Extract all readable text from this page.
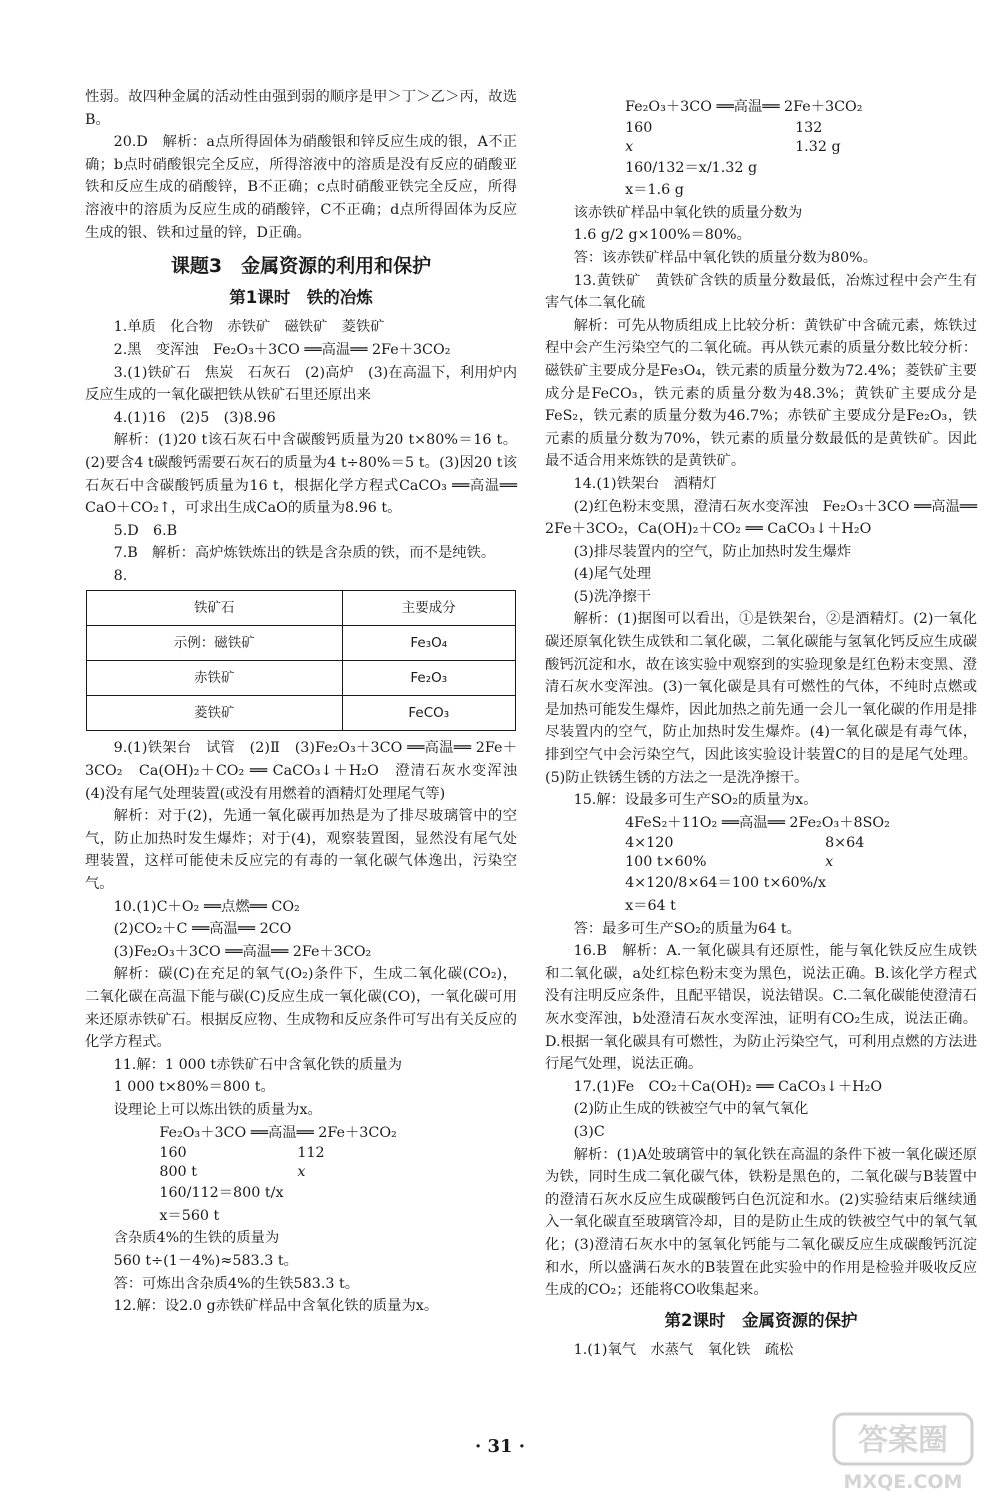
性弱。故四种金属的活动性由强到弱的顺序是甲＞丁＞乙＞丙，故选B。

20.D　解析：a点所得固体为硝酸银和锌反应生成的银，A不正确；b点时硝酸银完全反应，所得溶液中的溶质是没有反应的硝酸亚铁和反应生成的硝酸锌，B不正确；c点时硝酸亚铁完全反应，所得溶液中的溶质为反应生成的硝酸锌，C不正确；d点所得固体为反应生成的银、铁和过量的锌，D正确。

课题3　金属资源的利用和保护
第1课时　铁的冶炼

1.单质　化合物　赤铁矿　磁铁矿　菱铁矿

2.黑　变浑浊　Fe₂O₃＋3CO ══高温══ 2Fe＋3CO₂

3.(1)铁矿石　焦炭　石灰石　(2)高炉　(3)在高温下，利用炉内反应生成的一氧化碳把铁从铁矿石里还原出来

4.(1)16　(2)5　(3)8.96

解析：(1)20 t该石灰石中含碳酸钙质量为20 t×80%＝16 t。(2)要含4 t碳酸钙需要石灰石的质量为4 t÷80%＝5 t。(3)因20 t该石灰石中含碳酸钙质量为16 t，根据化学方程式CaCO₃ ══高温══ CaO＋CO₂↑，可求出生成CaO的质量为8.96 t。

5.D　6.B

7.B　解析：高炉炼铁炼出的铁是含杂质的铁，而不是纯铁。

8.

铁矿石	主要成分
示例：磁铁矿	Fe₃O₄
赤铁矿	Fe₂O₃
菱铁矿	FeCO₃

9.(1)铁架台　试管　(2)Ⅱ　(3)Fe₂O₃＋3CO ══高温══ 2Fe＋3CO₂　Ca(OH)₂＋CO₂ ══ CaCO₃↓＋H₂O　澄清石灰水变浑浊　(4)没有尾气处理装置(或没有用燃着的酒精灯处理尾气等)

解析：对于(2)，先通一氧化碳再加热是为了排尽玻璃管中的空气，防止加热时发生爆炸；对于(4)，观察装置图，显然没有尾气处理装置，这样可能使未反应完的有毒的一氧化碳气体逸出，污染空气。

10.(1)C＋O₂ ══点燃══ CO₂

(2)CO₂＋C ══高温══ 2CO

(3)Fe₂O₃＋3CO ══高温══ 2Fe＋3CO₂

解析：碳(C)在充足的氧气(O₂)条件下，生成二氧化碳(CO₂)，二氧化碳在高温下能与碳(C)反应生成一氧化碳(CO)，一氧化碳可用来还原赤铁矿石。根据反应物、生成物和反应条件可写出有关反应的化学方程式。

11.解：1 000 t赤铁矿石中含氧化铁的质量为

1 000 t×80%＝800 t。

设理论上可以炼出铁的质量为x。

Fe₂O₃＋3CO ══高温══ 2Fe＋3CO₂

160	112
800 t	x

160/112＝800 t/x

x＝560 t

含杂质4%的生铁的质量为

560 t÷(1－4%)≈583.3 t。

答：可炼出含杂质4%的生铁583.3 t。

12.解：设2.0 g赤铁矿样品中含氧化铁的质量为x。

Fe₂O₃＋3CO ══高温══ 2Fe＋3CO₂

160	132
x	1.32 g

160/132＝x/1.32 g

x＝1.6 g

该赤铁矿样品中氧化铁的质量分数为

1.6 g/2 g×100%＝80%。

答：该赤铁矿样品中氧化铁的质量分数为80%。

13.黄铁矿　黄铁矿含铁的质量分数最低，冶炼过程中会产生有害气体二氧化硫

解析：可先从物质组成上比较分析：黄铁矿中含硫元素，炼铁过程中会产生污染空气的二氧化硫。再从铁元素的质量分数比较分析：磁铁矿主要成分是Fe₃O₄，铁元素的质量分数为72.4%；菱铁矿主要成分是FeCO₃，铁元素的质量分数为48.3%；黄铁矿主要成分是FeS₂，铁元素的质量分数为46.7%；赤铁矿主要成分是Fe₂O₃，铁元素的质量分数为70%，铁元素的质量分数最低的是黄铁矿。因此最不适合用来炼铁的是黄铁矿。

14.(1)铁架台　酒精灯

(2)红色粉末变黑，澄清石灰水变浑浊　Fe₂O₃＋3CO ══高温══ 2Fe＋3CO₂，Ca(OH)₂＋CO₂ ══ CaCO₃↓＋H₂O

(3)排尽装置内的空气，防止加热时发生爆炸

(4)尾气处理

(5)洗净擦干

解析：(1)据图可以看出，①是铁架台，②是酒精灯。(2)一氧化碳还原氧化铁生成铁和二氧化碳，二氧化碳能与氢氧化钙反应生成碳酸钙沉淀和水，故在该实验中观察到的实验现象是红色粉末变黑、澄清石灰水变浑浊。(3)一氧化碳是具有可燃性的气体，不纯时点燃或是加热可能发生爆炸，因此加热之前先通一会儿一氧化碳的作用是排尽装置内的空气，防止加热时发生爆炸。(4)一氧化碳是有毒气体，排到空气中会污染空气，因此该实验设计装置C的目的是尾气处理。(5)防止铁锈生锈的方法之一是洗净擦干。

15.解：设最多可生产SO₂的质量为x。

4FeS₂＋11O₂ ══高温══ 2Fe₂O₃＋8SO₂

4×120	8×64
100 t×60%	x

4×120/8×64＝100 t×60%/x

x＝64 t

答：最多可生产SO₂的质量为64 t。

16.B　解析：A.一氧化碳具有还原性，能与氧化铁反应生成铁和二氧化碳，a处红棕色粉末变为黑色，说法正确。B.该化学方程式没有注明反应条件，且配平错误，说法错误。C.二氧化碳能使澄清石灰水变浑浊，b处澄清石灰水变浑浊，证明有CO₂生成，说法正确。D.根据一氧化碳具有可燃性，为防止污染空气，可利用点燃的方法进行尾气处理，说法正确。

17.(1)Fe　CO₂＋Ca(OH)₂ ══ CaCO₃↓＋H₂O

(2)防止生成的铁被空气中的氧气氧化

(3)C

解析：(1)A处玻璃管中的氧化铁在高温的条件下被一氧化碳还原为铁，同时生成二氧化碳气体，铁粉是黑色的，二氧化碳与B装置中的澄清石灰水反应生成碳酸钙白色沉淀和水。(2)实验结束后继续通入一氧化碳直至玻璃管冷却，目的是防止生成的铁被空气中的氧气氧化；(3)澄清石灰水中的氢氧化钙能与二氧化碳反应生成碳酸钙沉淀和水，所以盛满石灰水的B装置在此实验中的作用是检验并吸收反应生成的CO₂；还能将CO收集起来。

第2课时　金属资源的保护

1.(1)氧气　水蒸气　氧化铁　疏松

· 31 ·	答案圈
MXQE.COM
